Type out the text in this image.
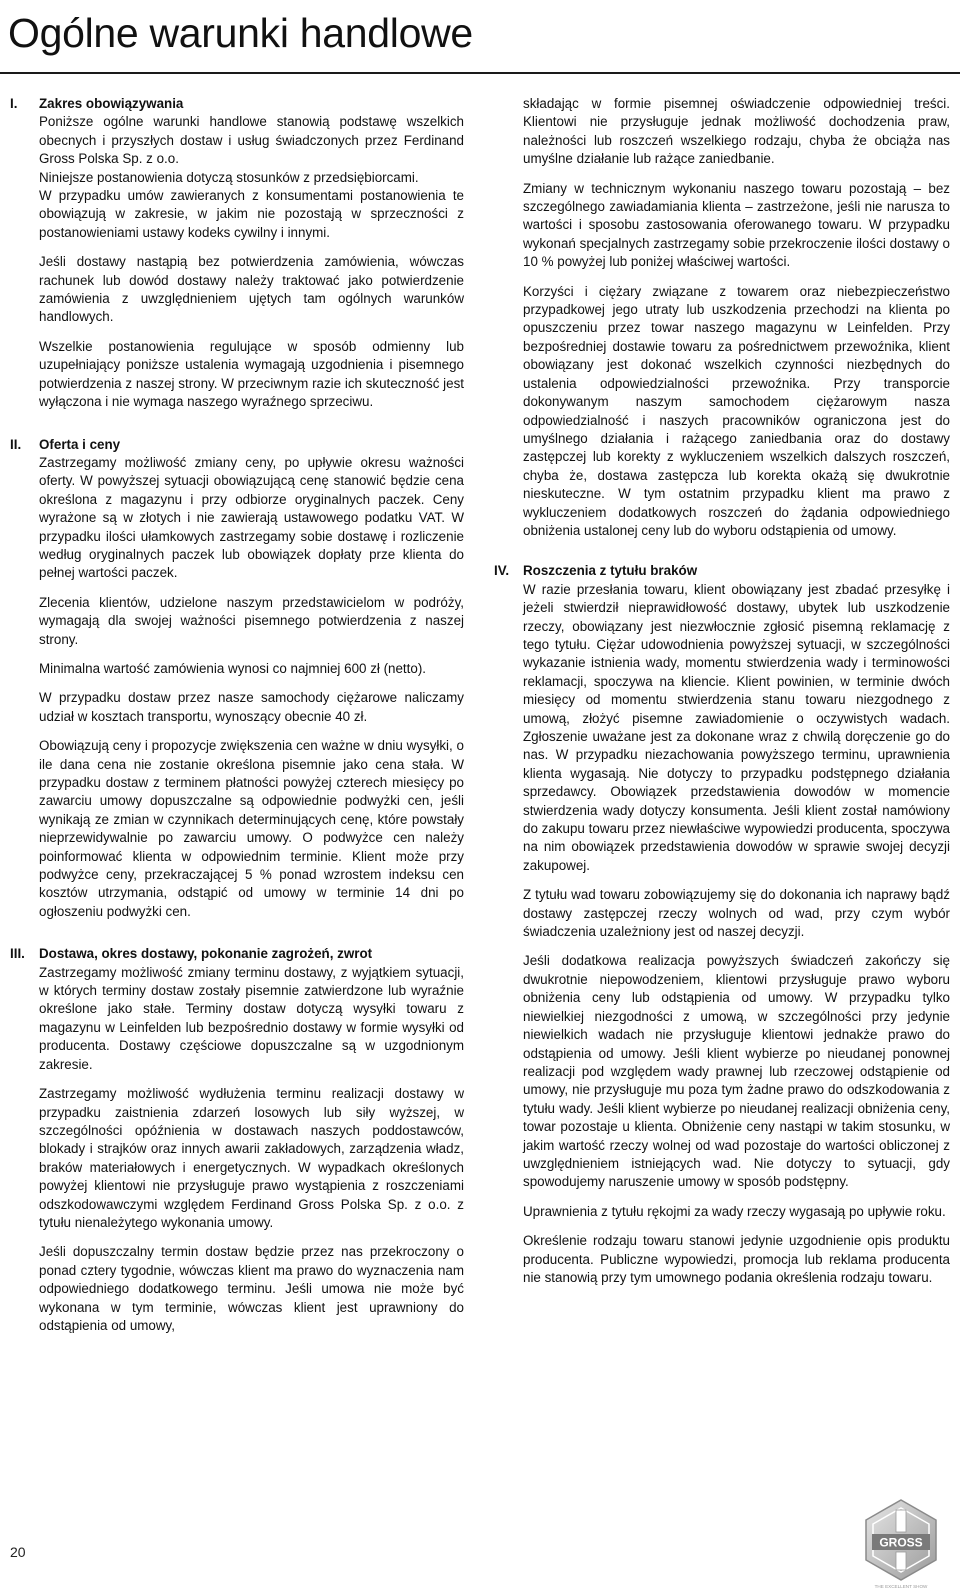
Ogólne warunki handlowe
I. Zakres obowiązywania

Poniższe ogólne warunki handlowe stanowią podstawę wszelkich obecnych i przyszłych dostaw i usług świadczonych przez Ferdinand Gross Polska Sp. z o.o.

Niniejsze postanowienia dotyczą stosunków z przedsiębiorcami.

W przypadku umów zawieranych z konsumentami postanowienia te obowiązują w zakresie, w jakim nie pozostają w sprzeczności z postanowieniami ustawy kodeks cywilny i innymi.

Jeśli dostawy nastąpią bez potwierdzenia zamówienia, wówczas rachunek lub dowód dostawy należy traktować jako potwierdzenie zamówienia z uwzględnieniem ujętych tam ogólnych warunków handlowych.

Wszelkie postanowienia regulujące w sposób odmienny lub uzupełniający poniższe ustalenia wymagają uzgodnienia i pisemnego potwierdzenia z naszej strony. W przeciwnym razie ich skuteczność jest wyłączona i nie wymaga naszego wyraźnego sprzeciwu.

II. Oferta i ceny

Zastrzegamy możliwość zmiany ceny, po upływie okresu ważności oferty. W powyższej sytuacji obowiązującą cenę stanowić będzie cena określona z magazynu i przy odbiorze oryginalnych paczek. Ceny wyrażone są w złotych i nie zawierają ustawowego podatku VAT. W przypadku ilości ułamkowych zastrzegamy sobie dostawę i rozliczenie według oryginalnych paczek lub obowiązek dopłaty prze klienta do pełnej wartości paczek.

Zlecenia klientów, udzielone naszym przedstawicielom w podróży, wymagają dla swojej ważności pisemnego potwierdzenia z naszej strony.

Minimalna wartość zamówienia wynosi co najmniej 600 zł (netto).

W przypadku dostaw przez nasze samochody ciężarowe naliczamy udział w kosztach transportu, wynoszący obecnie 40 zł.

Obowiązują ceny i propozycje zwiększenia cen ważne w dniu wysyłki, o ile dana cena nie zostanie określona pisemnie jako cena stała. W przypadku dostaw z terminem płatności powyżej czterech miesięcy po zawarciu umowy dopuszczalne są odpowiednie podwyżki cen, jeśli wynikają ze zmian w czynnikach determinujących cenę, które powstały nieprzewidywalnie po zawarciu umowy. O podwyżce cen należy poinformować klienta w odpowiednim terminie. Klient może przy podwyżce ceny, przekraczającej 5 % ponad wzrostem indeksu cen kosztów utrzymania, odstąpić od umowy w terminie 14 dni po ogłoszeniu podwyżki cen.

III. Dostawa, okres dostawy, pokonanie zagrożeń, zwrot

Zastrzegamy możliwość zmiany terminu dostawy, z wyjątkiem sytuacji, w których terminy dostaw zostały pisemnie zatwierdzone lub wyraźnie określone jako stałe. Terminy dostaw dotyczą wysyłki towaru z magazynu w Leinfelden lub bezpośrednio dostawy w formie wysyłki od producenta. Dostawy częściowe dopuszczalne są w uzgodnionym zakresie.

Zastrzegamy możliwość wydłużenia terminu realizacji dostawy w przypadku zaistnienia zdarzeń losowych lub siły wyższej, w szczególności opóźnienia w dostawach naszych poddostawców, blokady i strajków oraz innych awarii zakładowych, zarządzenia władz, braków materiałowych i energetycznych. W wypadkach określonych powyżej klientowi nie przysługuje prawo wystąpienia z roszczeniami odszkodowawczymi względem Ferdinand Gross Polska Sp. z o.o. z tytułu nienależytego wykonania umowy.

Jeśli dopuszczalny termin dostaw będzie przez nas przekroczony o ponad cztery tygodnie, wówczas klient ma prawo do wyznaczenia nam odpowiedniego dodatkowego terminu. Jeśli umowa nie może być wykonana w tym terminie, wówczas klient jest uprawniony do odstąpienia od umowy,

składając w formie pisemnej oświadczenie odpowiedniej treści. Klientowi nie przysługuje jednak możliwość dochodzenia praw, należności lub roszczeń wszelkiego rodzaju, chyba że obciąża nas umyślne działanie lub rażące zaniedbanie.

Zmiany w technicznym wykonaniu naszego towaru pozostają – bez szczególnego zawiadamiania klienta – zastrzeżone, jeśli nie narusza to wartości i sposobu zastosowania oferowanego towaru. W przypadku wykonań specjalnych zastrzegamy sobie przekroczenie ilości dostawy o 10 % powyżej lub poniżej właściwej wartości.

Korzyści i ciężary związane z towarem oraz niebezpieczeństwo przypadkowej jego utraty lub uszkodzenia przechodzi na klienta po opuszczeniu przez towar naszego magazynu w Leinfelden. Przy bezpośredniej dostawie towaru za pośrednictwem przewoźnika, klient obowiązany jest dokonać wszelkich czynności niezbędnych do ustalenia odpowiedzialności przewoźnika. Przy transporcie dokonywanym naszym samochodem ciężarowym nasza odpowiedzialność i naszych pracowników ograniczona jest do umyślnego działania i rażącego zaniedbania oraz do dostawy zastępczej lub korekty z wykluczeniem wszelkich dalszych roszczeń, chyba że, dostawa zastępcza lub korekta okażą się dwukrotnie nieskuteczne. W tym ostatnim przypadku klient ma prawo z wykluczeniem dodatkowych roszczeń do żądania odpowiedniego obniżenia ustalonej ceny lub do wyboru odstąpienia od umowy.

IV. Roszczenia z tytułu braków

W razie przesłania towaru, klient obowiązany jest zbadać przesyłkę i jeżeli stwierdził nieprawidłowość dostawy, ubytek lub uszkodzenie rzeczy, obowiązany jest niezwłocznie zgłosić pisemną reklamację z tego tytułu. Ciężar udowodnienia powyższej sytuacji, w szczególności wykazanie istnienia wady, momentu stwierdzenia wady i terminowości reklamacji, spoczywa na kliencie. Klient powinien, w terminie dwóch miesięcy od momentu stwierdzenia stanu towaru niezgodnego z umową, złożyć pisemne zawiadomienie o oczywistych wadach. Zgłoszenie uważane jest za dokonane wraz z chwilą doręczenie go do nas. W przypadku niezachowania powyższego terminu, uprawnienia klienta wygasają. Nie dotyczy to przypadku podstępnego działania sprzedawcy. Obowiązek przedstawienia dowodów w momencie stwierdzenia wady dotyczy konsumenta. Jeśli klient został namówiony do zakupu towaru przez niewłaściwe wypowiedzi producenta, spoczywa na nim obowiązek przedstawienia dowodów w sprawie swojej decyzji zakupowej.

Z tytułu wad towaru zobowiązujemy się do dokonania ich naprawy bądź dostawy zastępczej rzeczy wolnych od wad, przy czym wybór świadczenia uzależniony jest od naszej decyzji.

Jeśli dodatkowa realizacja powyższych świadczeń zakończy się dwukrotnie niepowodzeniem, klientowi przysługuje prawo wyboru obniżenia ceny lub odstąpienia od umowy. W przypadku tylko niewielkiej niezgodności z umową, w szczególności przy jedynie niewielkich wadach nie przysługuje klientowi jednakże prawo do odstąpienia od umowy. Jeśli klient wybierze po nieudanej ponownej realizacji pod względem wady prawnej lub rzeczowej odstąpienie od umowy, nie przysługuje mu poza tym żadne prawo do odszkodowania z tytułu wady. Jeśli klient wybierze po nieudanej realizacji obniżenia ceny, towar pozostaje u klienta. Obniżenie ceny nastąpi w takim stosunku, w jakim wartość rzeczy wolnej od wad pozostaje do wartości obliczonej z uwzględnieniem istniejących wad. Nie dotyczy to sytuacji, gdy spowodujemy naruszenie umowy w sposób podstępny.

Uprawnienia z tytułu rękojmi za wady rzeczy wygasają po upływie roku.

Określenie rodzaju towaru stanowi jedynie uzgodnienie opis produktu producenta. Publiczne wypowiedzi, promocja lub reklama producenta nie stanowią przy tym umownego podania określenia rodzaju towaru.

20
GROSS
THE EXCELLENT SHOW
